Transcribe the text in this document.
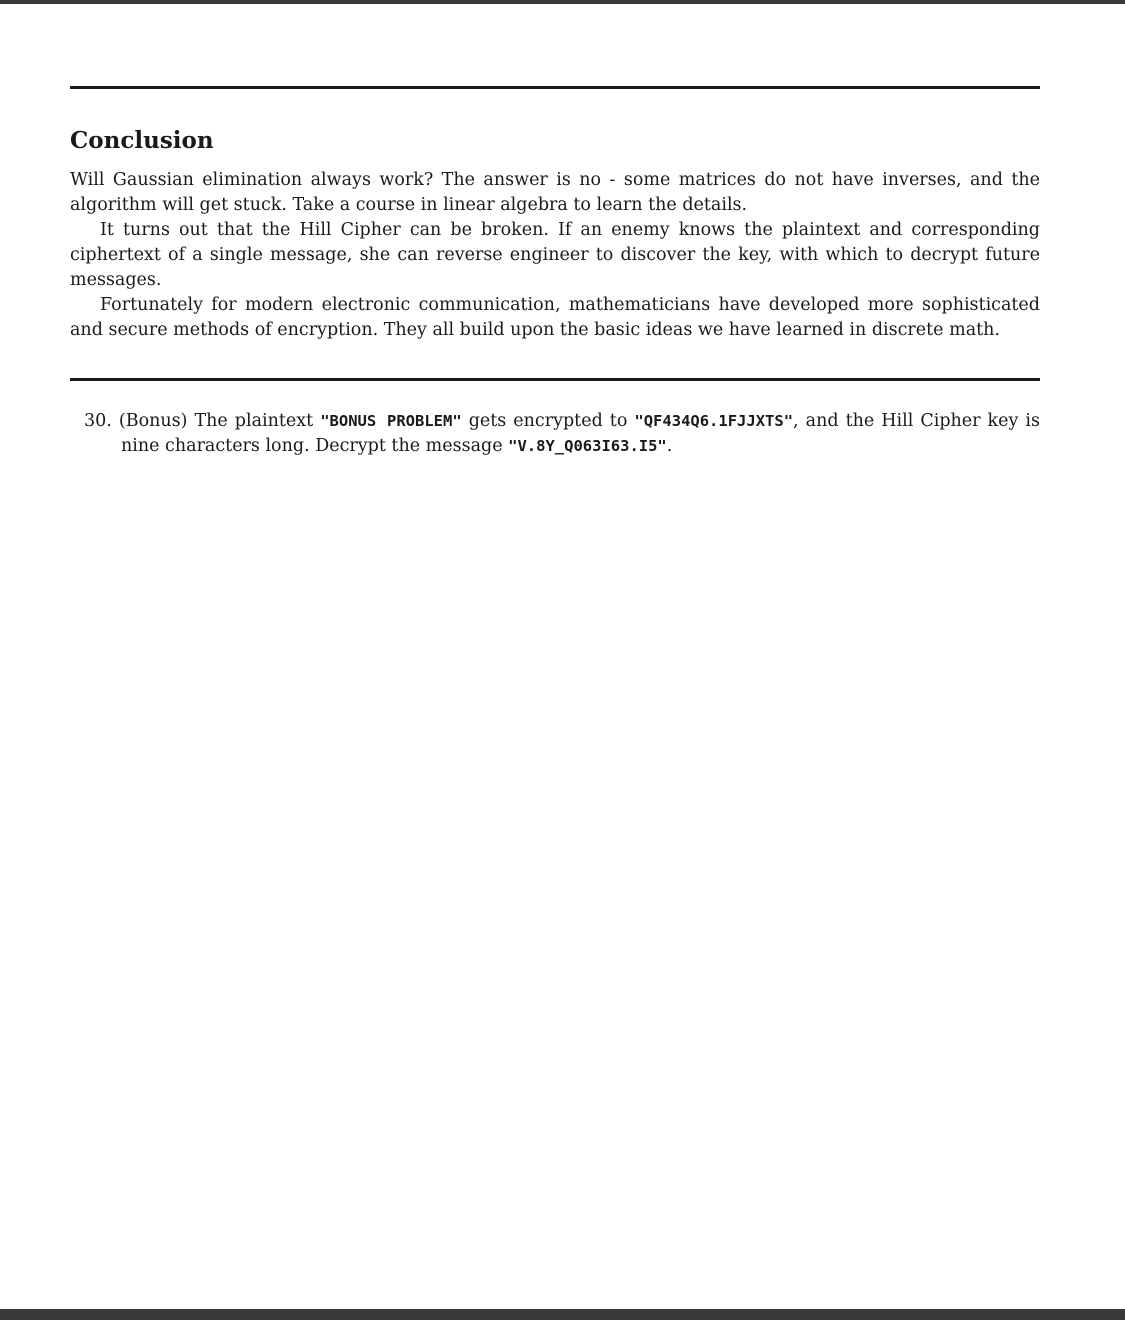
Conclusion

Will Gaussian elimination always work? The answer is no - some matrices do not have inverses, and the algorithm will get stuck. Take a course in linear algebra to learn the details.

It turns out that the Hill Cipher can be broken. If an enemy knows the plaintext and corresponding ciphertext of a single message, she can reverse engineer to discover the key, with which to decrypt future messages.

Fortunately for modern electronic communication, mathematicians have developed more sophisticated and secure methods of encryption. They all build upon the basic ideas we have learned in discrete math.

30. (Bonus) The plaintext "BONUS PROBLEM" gets encrypted to "QF434Q6.1FJJXTS", and the Hill Cipher key is nine characters long. Decrypt the message "V.8Y_Q063I63.I5".
